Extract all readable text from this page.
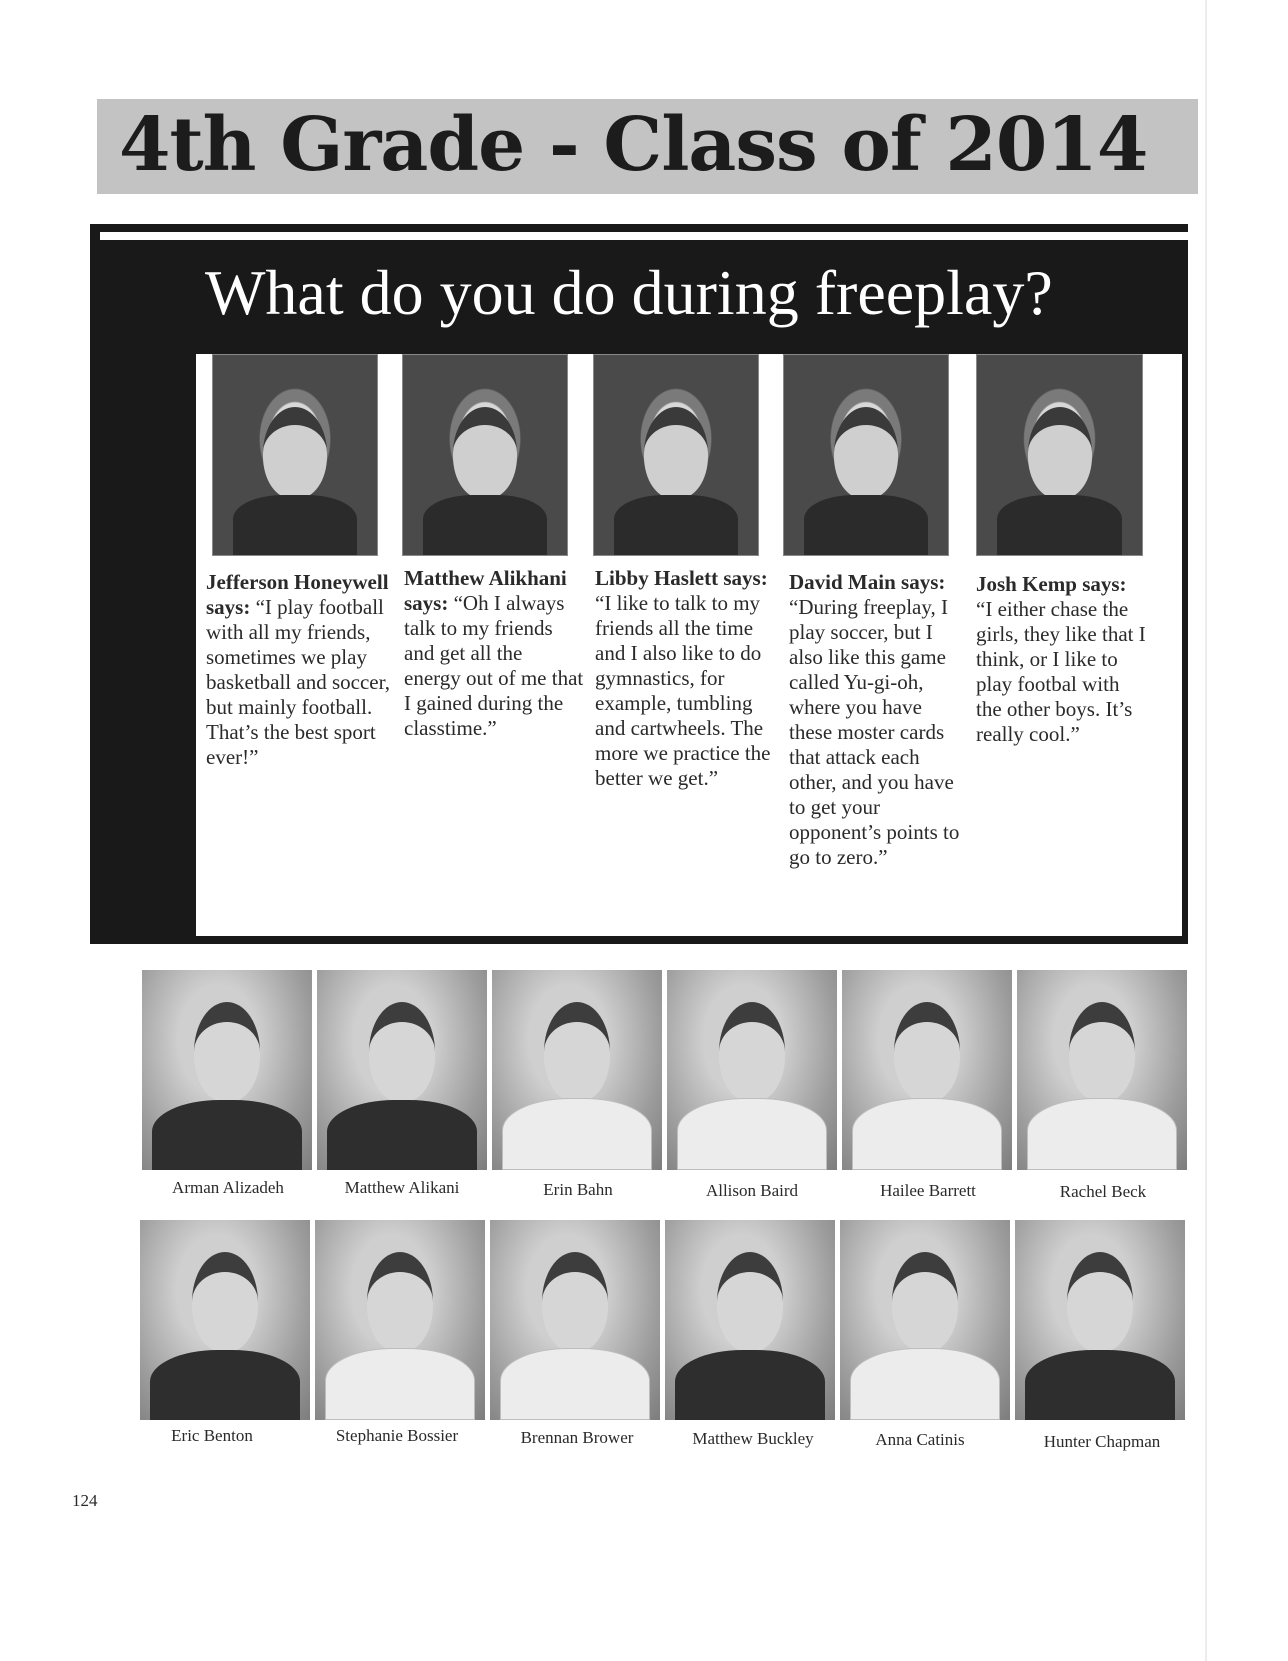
4th Grade - Class of 2014
What do you do during freeplay?
Jefferson Honeywell says: “I play football with all my friends, sometimes we play basketball and soccer, but mainly football. That’s the best sport ever!”
Matthew Alikhani says: “Oh I always talk to my friends and get all the energy out of me that I gained during the classtime.”
Libby Haslett says: “I like to talk to my friends all the time and I also like to do gymnastics, for example, tumbling and cartwheels. The more we practice the better we get.”
David Main says: “During freeplay, I play soccer, but I also like this game called Yu-gi-oh, where you have these moster cards that attack each other, and you have to get your opponent’s points to go to zero.”
Josh Kemp says: “I either chase the girls, they like that I think, or I like to play footbal with the other boys. It’s really cool.”
Arman Alizadeh	Matthew Alikani	Erin Bahn	Allison Baird	Hailee Barrett	Rachel Beck
Eric Benton	Stephanie Bossier	Brennan Brower	Matthew Buckley	Anna Catinis	Hunter Chapman
124
